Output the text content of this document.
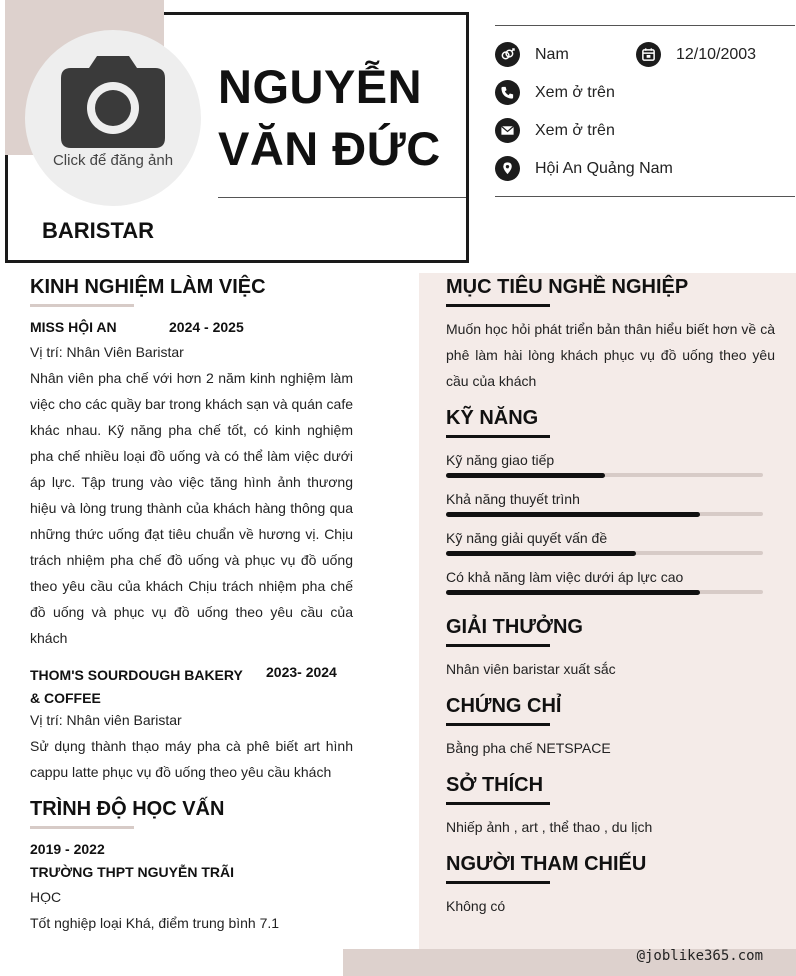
Click để đăng ảnh
NGUYỄN
VĂN ĐỨC
BARISTAR
Nam	12/10/2003
Xem ở trên
Xem ở trên
Hội An Quảng Nam
KINH NGHIỆM LÀM VIỆC
MISS HỘI AN	2024 - 2025
Vị trí: Nhân Viên Baristar
Nhân viên pha chế với hơn 2 năm kinh nghiệm làm việc cho các quầy bar trong khách sạn và quán cafe khác nhau. Kỹ năng pha chế tốt, có kinh nghiệm pha chế nhiều loại đồ uống và có thể làm việc dưới áp lực. Tập trung vào việc tăng hình ảnh thương hiệu và lòng trung thành của khách hàng thông qua những thức uống đạt tiêu chuẩn về hương vị. Chịu trách nhiệm pha chế đồ uống và phục vụ đồ uống theo yêu cầu của khách Chịu trách nhiệm pha chế đồ uống và phục vụ đồ uống theo yêu cầu của khách
THOM'S SOURDOUGH BAKERY & COFFEE
2023- 2024
Vị trí: Nhân viên Baristar
Sử dụng thành thạo máy pha cà phê biết art hình cappu latte phục vụ đồ uống theo yêu cầu khách
TRÌNH ĐỘ HỌC VẤN
2019 - 2022
TRƯỜNG THPT NGUYỄN TRÃI
HỌC
Tốt nghiệp loại Khá, điểm trung bình 7.1
MỤC TIÊU NGHỀ NGHIỆP
Muốn học hỏi phát triển bản thân hiểu biết hơn về cà phê làm hài lòng khách phục vụ đồ uống theo yêu cầu của khách
KỸ NĂNG
Kỹ năng giao tiếp
Khả năng thuyết trình
Kỹ năng giải quyết vấn đề
Có khả năng làm việc dưới áp lực cao
GIẢI THƯỞNG
Nhân viên baristar xuất sắc
CHỨNG CHỈ
Bằng pha chế NETSPACE
SỞ THÍCH
Nhiếp ảnh , art , thể thao , du lịch
NGƯỜI THAM CHIẾU
Không có
@joblike365.com
